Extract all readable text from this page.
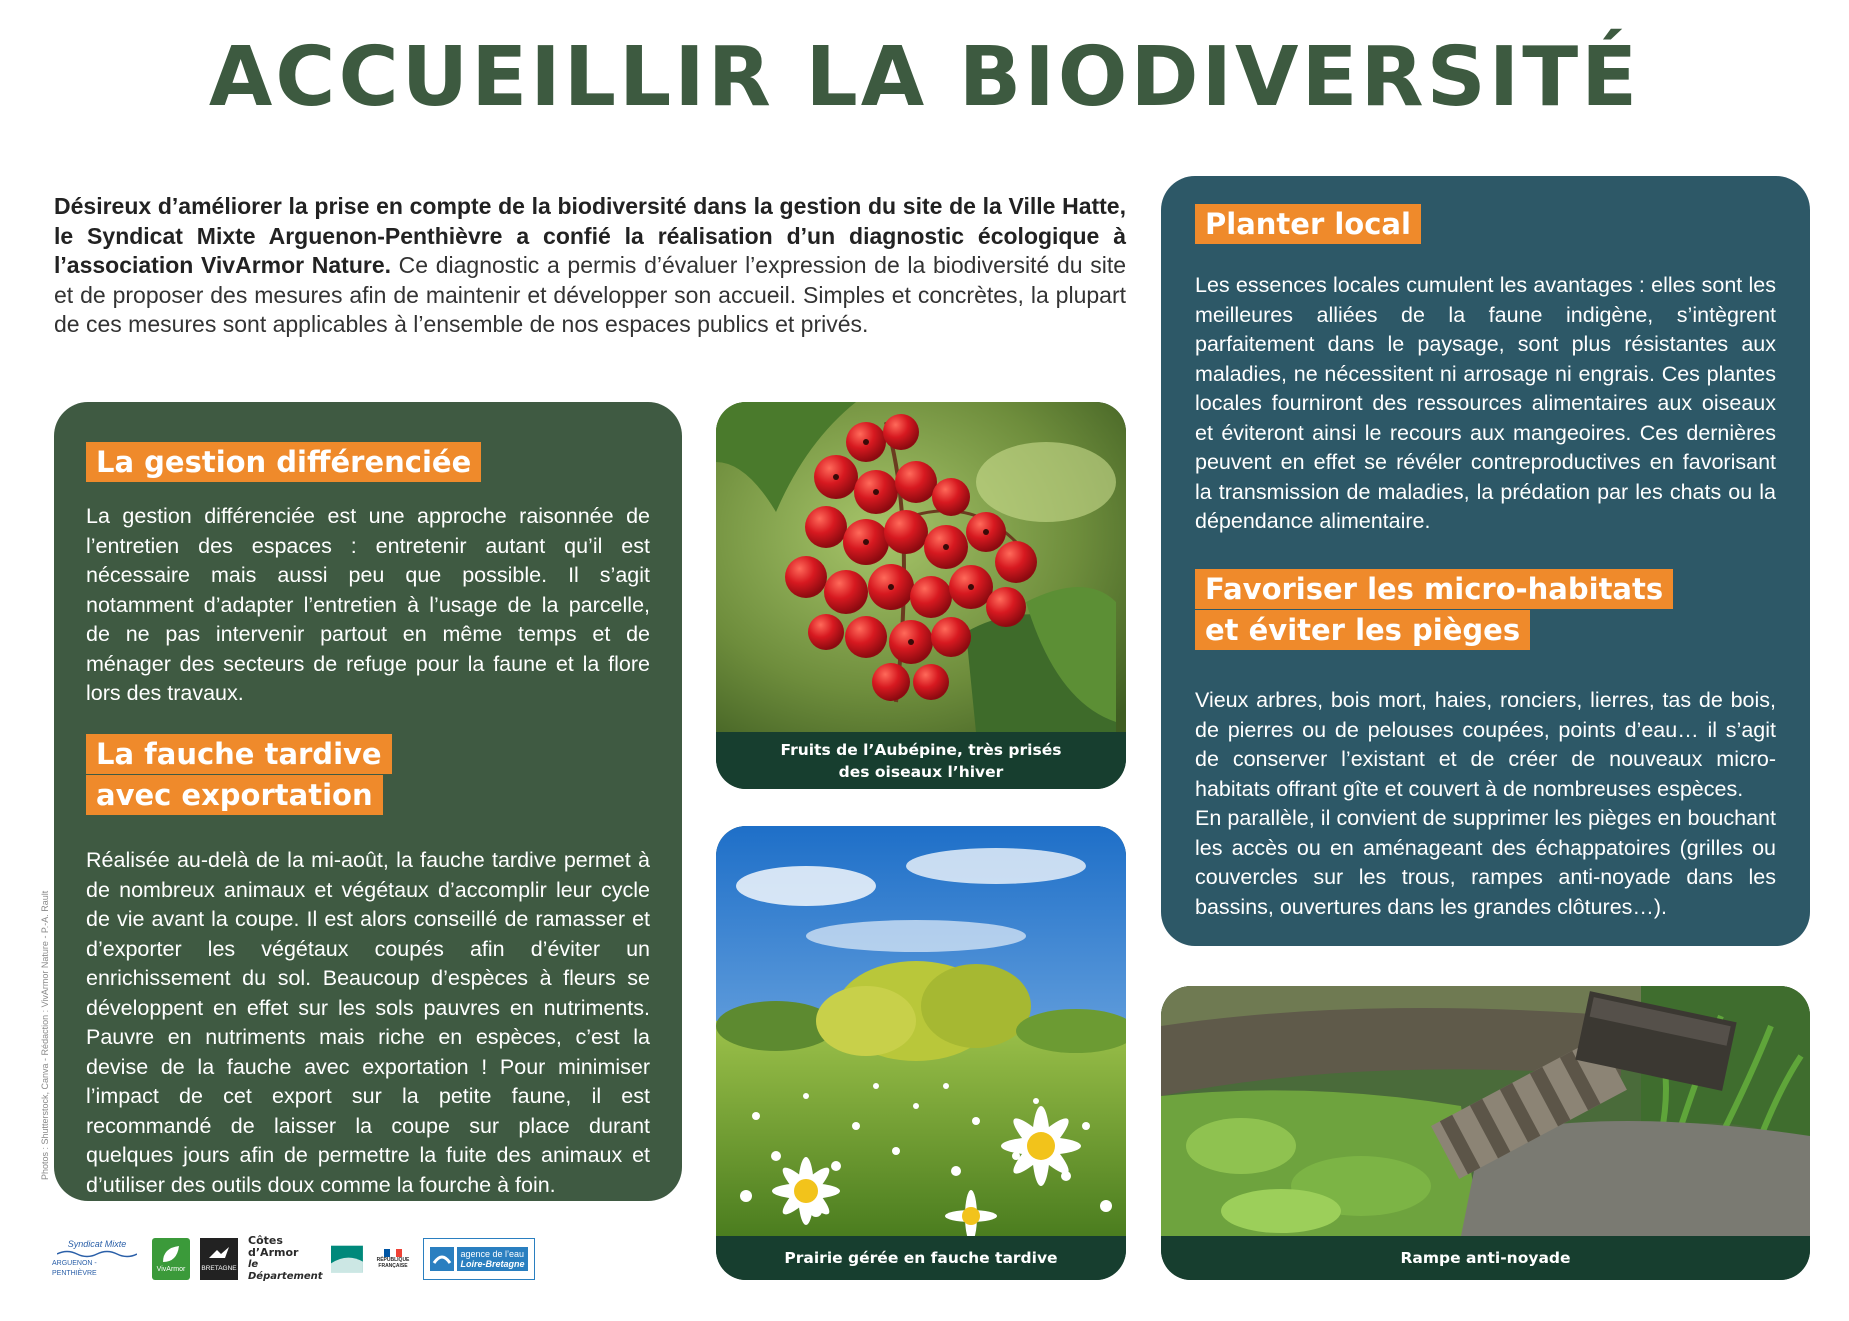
ACCUEILLIR LA BIODIVERSITÉ
Désireux d’améliorer la prise en compte de la biodiversité dans la gestion du site de la Ville Hatte, le Syndicat Mixte Arguenon-Penthièvre a confié la réalisation d’un diagnostic écologique à l’association VivArmor Nature. Ce diagnostic a permis d’évaluer l’expression de la biodiversité du site et de proposer des mesures afin de maintenir et développer son accueil. Simples et concrètes, la plupart de ces mesures sont applicables à l’ensemble de nos espaces publics et privés.
La gestion différenciée

La gestion différenciée est une approche raisonnée de l’entretien des espaces : entretenir autant qu’il est nécessaire mais aussi peu que possible. Il s’agit notamment d’adapter l’entretien à l’usage de la parcelle, de ne pas intervenir partout en même temps et de ménager des secteurs de refuge pour la faune et la flore lors des travaux.

La fauche tardive
avec exportation

Réalisée au-delà de la mi-août, la fauche tardive permet à de nombreux animaux et végétaux d’accomplir leur cycle de vie avant la coupe. Il est alors conseillé de ramasser et d’exporter les végétaux coupés afin d’éviter un enrichissement du sol. Beaucoup d’espèces à fleurs se développent en effet sur les sols pauvres en nutriments. Pauvre en nutriments mais riche en espèces, c’est la devise de la fauche avec exportation ! Pour minimiser l’impact de cet export sur la petite faune, il est recommandé de laisser la coupe sur place durant quelques jours afin de permettre la fuite des animaux et d’utiliser des outils doux comme la fourche à foin.

Planter local

Les essences locales cumulent les avantages : elles sont les meilleures alliées de la faune indigène, s’intègrent parfaitement dans le paysage, sont plus résistantes aux maladies, ne nécessitent ni arrosage ni engrais. Ces plantes locales fourniront des ressources alimentaires aux oiseaux et éviteront ainsi le recours aux mangeoires. Ces dernières peuvent en effet se révéler contreproductives en favorisant la transmission de maladies, la prédation par les chats ou la dépendance alimentaire.

Favoriser les micro-habitats
et éviter les pièges

Vieux arbres, bois mort, haies, ronciers, lierres, tas de bois, de pierres ou de pelouses coupées, points d’eau… il s’agit de conserver l’existant et de créer de nouveaux micro-habitats offrant gîte et couvert à de nombreuses espèces.

En parallèle, il convient de supprimer les pièges en bouchant les accès ou en aménageant des échappatoires (grilles ou couvercles sur les trous, rampes anti-noyade dans les bassins, ouvertures dans les grandes clôtures…).

Fruits de l’Aubépine, très prisés
des oiseaux l’hiver
Prairie gérée en fauche tardive	Rampe anti-noyade
Photos : Shutterstock, Canva - Rédaction : VivArmor Nature - P.-A. Rault
Syndicat Mixte
ARGUENON - PENTHIÈVRE
VivArmor BRETAGNE
Côtes d’Armor
le Département
RÉPUBLIQUE
FRANÇAISE
agence de l’eau
Loire-Bretagne
